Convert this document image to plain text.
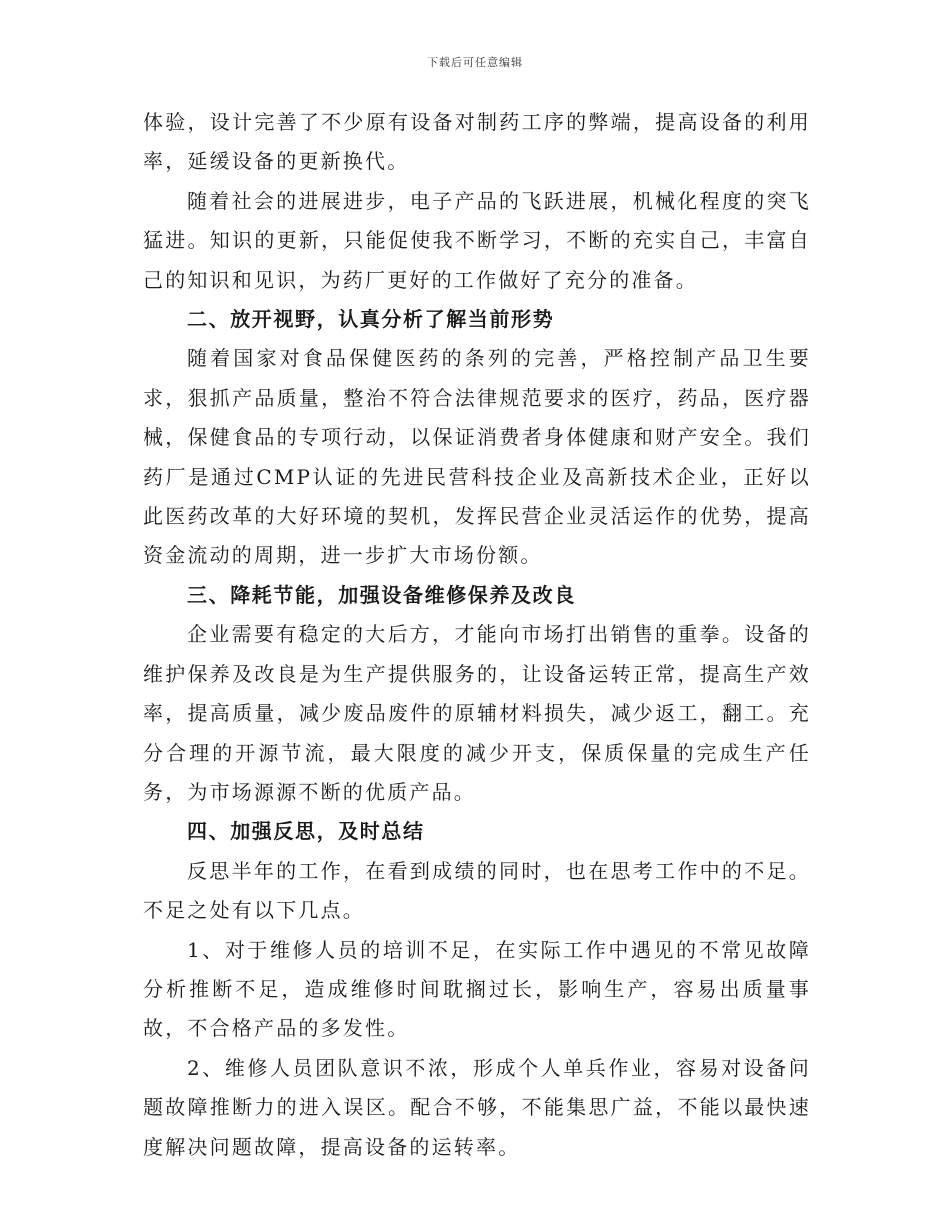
下载后可任意编辑

体验，设计完善了不少原有设备对制药工序的弊端，提高设备的利用率，延缓设备的更新换代。

随着社会的进展进步，电子产品的飞跃进展，机械化程度的突飞猛进。知识的更新，只能促使我不断学习，不断的充实自己，丰富自己的知识和见识，为药厂更好的工作做好了充分的准备。

二、放开视野，认真分析了解当前形势

随着国家对食品保健医药的条列的完善，严格控制产品卫生要求，狠抓产品质量，整治不符合法律规范要求的医疗，药品，医疗器械，保健食品的专项行动，以保证消费者身体健康和财产安全。我们药厂是通过CMP认证的先进民营科技企业及高新技术企业，正好以此医药改革的大好环境的契机，发挥民营企业灵活运作的优势，提高资金流动的周期，进一步扩大市场份额。

三、降耗节能，加强设备维修保养及改良

企业需要有稳定的大后方，才能向市场打出销售的重拳。设备的维护保养及改良是为生产提供服务的，让设备运转正常，提高生产效率，提高质量，减少废品废件的原辅材料损失，减少返工，翻工。充分合理的开源节流，最大限度的减少开支，保质保量的完成生产任务，为市场源源不断的优质产品。

四、加强反思，及时总结

反思半年的工作，在看到成绩的同时，也在思考工作中的不足。不足之处有以下几点。

1、对于维修人员的培训不足，在实际工作中遇见的不常见故障分析推断不足，造成维修时间耽搁过长，影响生产，容易出质量事故，不合格产品的多发性。

2、维修人员团队意识不浓，形成个人单兵作业，容易对设备问题故障推断力的进入误区。配合不够，不能集思广益，不能以最快速度解决问题故障，提高设备的运转率。
